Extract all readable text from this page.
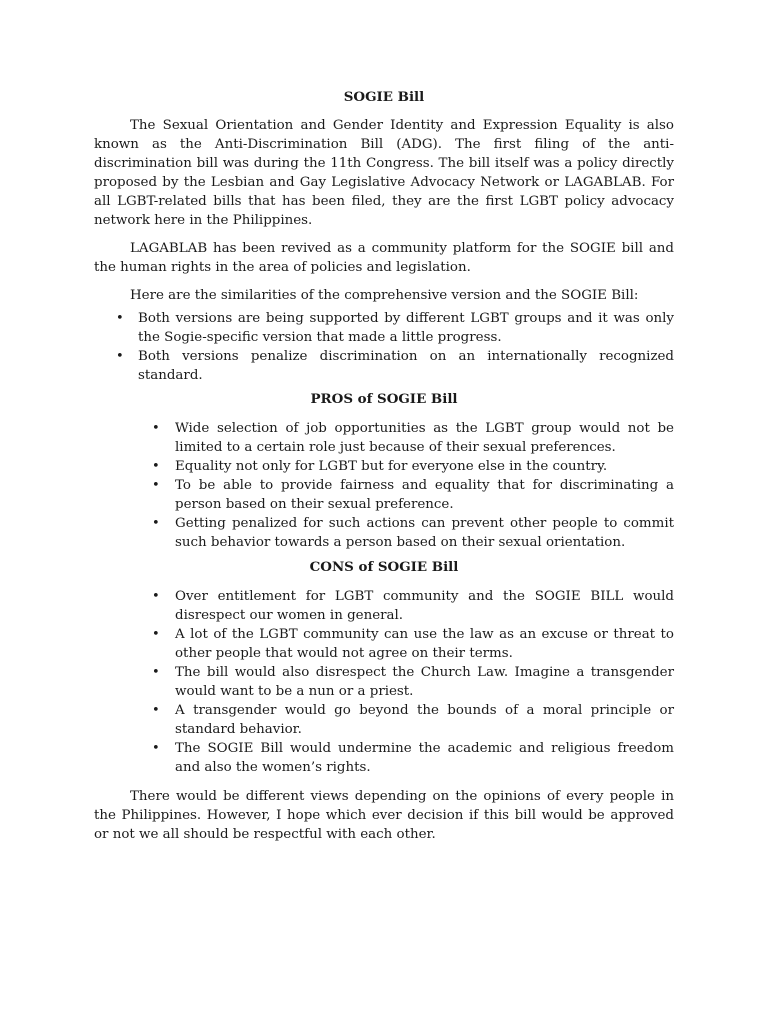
SOGIE Bill

The Sexual Orientation and Gender Identity and Expression Equality is also known as the Anti-Discrimination Bill (ADG). The first filing of the anti-discrimination bill was during the 11th Congress. The bill itself was a policy directly proposed by the Lesbian and Gay Legislative Advocacy Network or LAGABLAB. For all LGBT-related bills that has been filed, they are the first LGBT policy advocacy network here in the Philippines.

LAGABLAB has been revived as a community platform for the SOGIE bill and the human rights in the area of policies and legislation.

Here are the similarities of the comprehensive version and the SOGIE Bill:

• Both versions are being supported by different LGBT groups and it was only the Sogie-specific version that made a little progress.
• Both versions penalize discrimination on an internationally recognized standard.
PROS of SOGIE Bill
• Wide selection of job opportunities as the LGBT group would not be limited to a certain role just because of their sexual preferences.
• Equality not only for LGBT but for everyone else in the country.
• To be able to provide fairness and equality that for discriminating a person based on their sexual preference.
• Getting penalized for such actions can prevent other people to commit such behavior towards a person based on their sexual orientation.
CONS of SOGIE Bill
• Over entitlement for LGBT community and the SOGIE BILL would disrespect our women in general.
• A lot of the LGBT community can use the law as an excuse or threat to other people that would not agree on their terms.
• The bill would also disrespect the Church Law. Imagine a transgender would want to be a nun or a priest.
• A transgender would go beyond the bounds of a moral principle or standard behavior.
• The SOGIE Bill would undermine the academic and religious freedom and also the women’s rights.

There would be different views depending on the opinions of every people in the Philippines. However, I hope which ever decision if this bill would be approved or not we all should be respectful with each other.
